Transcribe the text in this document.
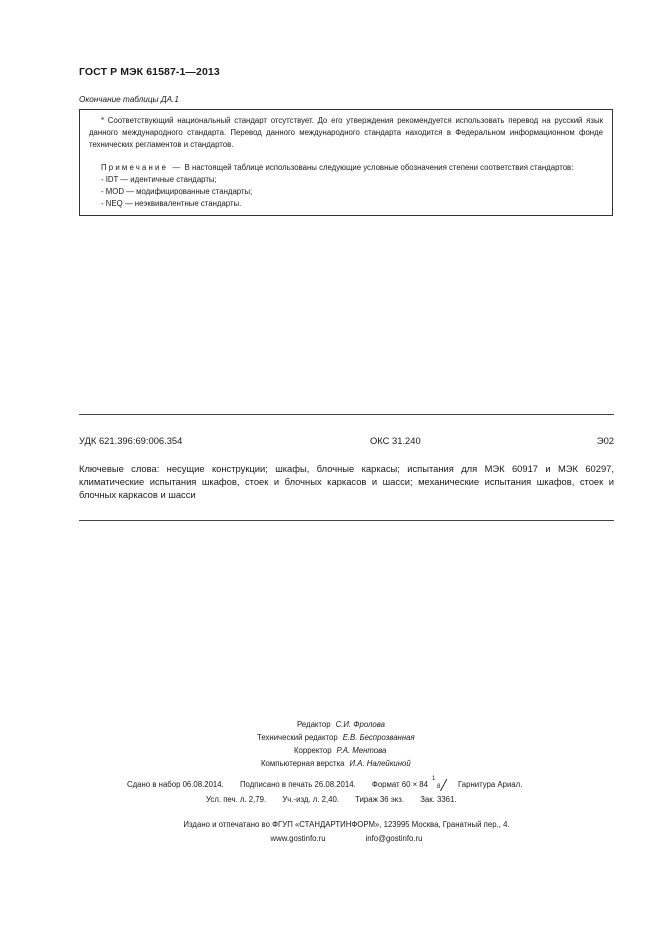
ГОСТ Р МЭК 61587-1—2013
Окончание таблицы ДА.1

* Соответствующий национальный стандарт отсутствует. До его утверждения рекомендуется использовать перевод на русский язык данного международного стандарта. Перевод данного международного стандарта находится в Федеральном информационном фонде технических регламентов и стандартов.

Примечание — В настоящей таблице использованы следующие условные обозначения степени соответствия стандартов:

- IDT — идентичные стандарты;

- MOD — модифицированные стандарты;

- NEQ — неэквивалентные стандарты.

УДК 621.396:69:006.354	ОКС 31.240	Э02
Ключевые слова: несущие конструкции; шкафы, блочные каркасы; испытания для МЭК 60917 и МЭК 60297, климатические испытания шкафов, стоек и блочных каркасов и шасси; механические испытания шкафов, стоек и блочных каркасов и шасси
Редактор С.И. Фролова
Технический редактор Е.В. Беспрозванная
Корректор Р.А. Ментова
Компьютерная верстка И.А. Налейкиной
Сдано в набор 06.08.2014. Подписано в печать 26.08.2014. Формат 60 × 84
1
8 Гарнитура Ариал.
Усл. печ. л. 2,79. Уч.-изд. л. 2,40. Тираж 36 экз. Зак. 3361.
Издано и отпечатано во ФГУП «СТАНДАРТИНФОРМ», 123995 Москва, Гранатный пер., 4.
www.gostinfo.ru	info@gostinfo.ru
